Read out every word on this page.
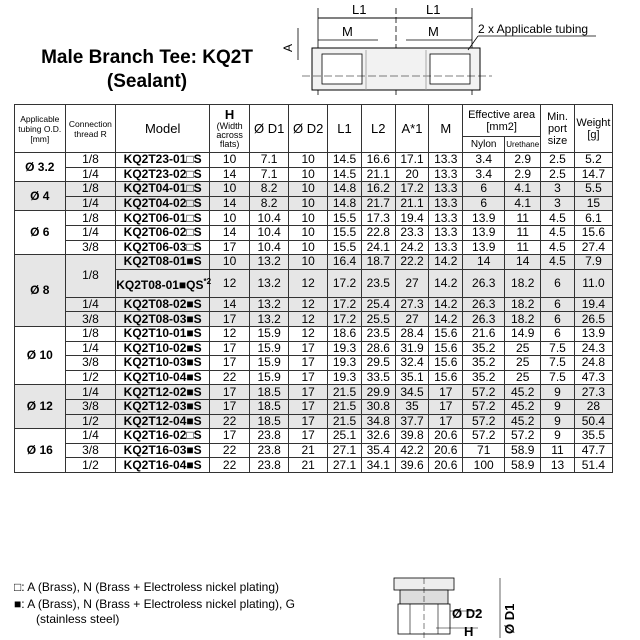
Male Branch Tee: KQ2T
(Sealant)
L1	L1
M	M
A
2 x Applicable tubing
Applicable tubing O.D. [mm]	Connection thread R	Model	H
(Width across flats)	Ø D1	Ø D2	L1	L2	A*1	M	Effective area [mm2]		Min. port size	Weight [g]
										Nylon	Urethane		
Ø 3.2	1/8	KQ2T23-01□S	10	7.1	10	14.5	16.6	17.1	13.3	3.4	2.9	2.5	5.2
	1/4	KQ2T23-02□S	14	7.1	10	14.5	21.1	20	13.3	3.4	2.9	2.5	14.7
Ø 4	1/8	KQ2T04-01□S	10	8.2	10	14.8	16.2	17.2	13.3	6	4.1	3	5.5
	1/4	KQ2T04-02□S	14	8.2	10	14.8	21.7	21.1	13.3	6	4.1	3	15
Ø 6	1/8	KQ2T06-01□S	10	10.4	10	15.5	17.3	19.4	13.3	13.9	11	4.5	6.1
	1/4	KQ2T06-02□S	14	10.4	10	15.5	22.8	23.3	13.3	13.9	11	4.5	15.6
	3/8	KQ2T06-03□S	17	10.4	10	15.5	24.1	24.2	13.3	13.9	11	4.5	27.4
Ø 8	1/8	KQ2T08-01■S	10	13.2	10	16.4	18.7	22.2	14.2	14	14	4.5	7.9
		KQ2T08-01■QS$^{*2}$	12	13.2	12	17.2	23.5	27	14.2	26.3	18.2	6	11.0
	1/4	KQ2T08-02■S	14	13.2	12	17.2	25.4	27.3	14.2	26.3	18.2	6	19.4
	3/8	KQ2T08-03■S	17	13.2	12	17.2	25.5	27	14.2	26.3	18.2	6	26.5
Ø 10	1/8	KQ2T10-01■S	12	15.9	12	18.6	23.5	28.4	15.6	21.6	14.9	6	13.9
	1/4	KQ2T10-02■S	17	15.9	17	19.3	28.6	31.9	15.6	35.2	25	7.5	24.3
	3/8	KQ2T10-03■S	17	15.9	17	19.3	29.5	32.4	15.6	35.2	25	7.5	24.8
	1/2	KQ2T10-04■S	22	15.9	17	19.3	33.5	35.1	15.6	35.2	25	7.5	47.3
Ø 12	1/4	KQ2T12-02■S	17	18.5	17	21.5	29.9	34.5	17	57.2	45.2	9	27.3
	3/8	KQ2T12-03■S	17	18.5	17	21.5	30.8	35	17	57.2	45.2	9	28
	1/2	KQ2T12-04■S	22	18.5	17	21.5	34.8	37.7	17	57.2	45.2	9	50.4
Ø 16	1/4	KQ2T16-02□S	17	23.8	17	25.1	32.6	39.8	20.6	57.2	57.2	9	35.5
	3/8	KQ2T16-03■S	22	23.8	21	27.1	35.4	42.2	20.6	71	58.9	11	47.7
	1/2	KQ2T16-04■S	22	23.8	21	27.1	34.1	39.6	20.6	100	58.9	13	51.4
Ø D2 Ø D1
H
□: A (Brass), N (Brass + Electroless nickel plating)
■: A (Brass), N (Brass + Electroless nickel plating), G
(stainless steel)
